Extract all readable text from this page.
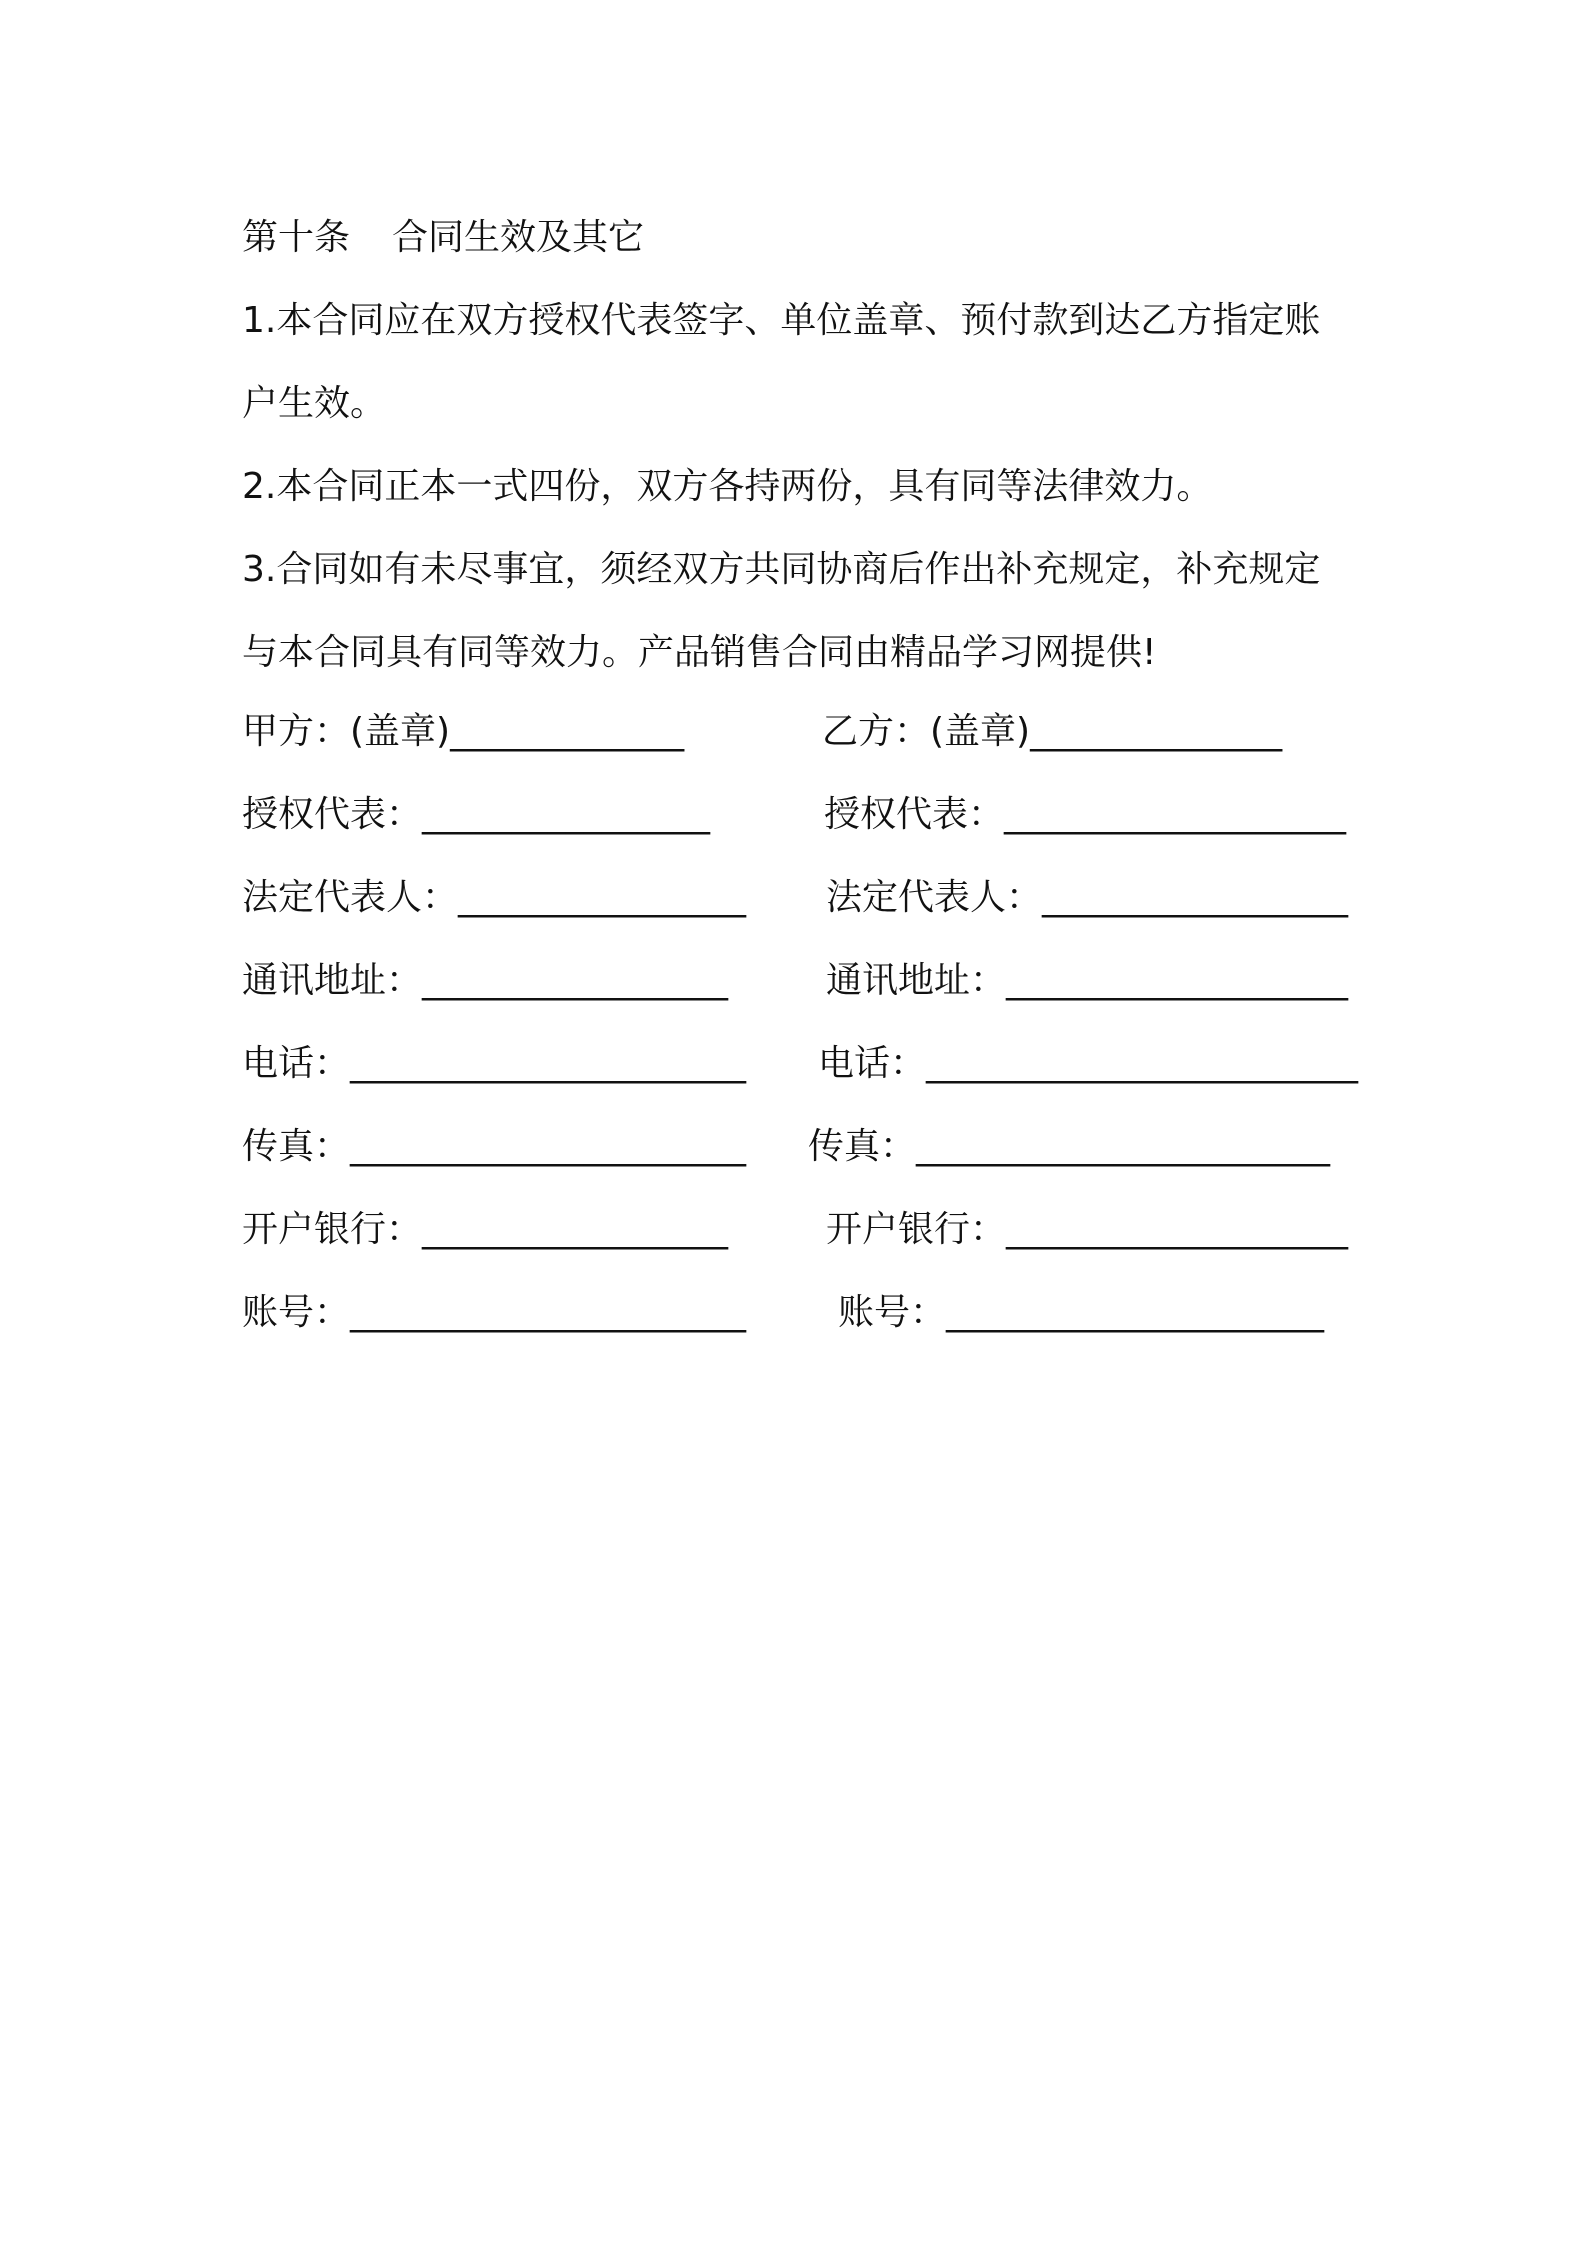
第十条 合同生效及其它
1.本合同应在双方授权代表签字、单位盖章、预付款到达乙方指定账
户生效。
2.本合同正本一式四份，双方各持两份，具有同等法律效力。
3.合同如有未尽事宜，须经双方共同协商后作出补充规定，补充规定
与本合同具有同等效力。产品销售合同由精品学习网提供!
甲方：(盖章)_____________	乙方：(盖章)______________
授权代表：________________	授权代表：___________________
法定代表人：________________ 法定代表人：_________________
通讯地址：_________________	通讯地址：___________________
电话：______________________ 电话：________________________
传真：______________________ 传真：_______________________
开户银行：_________________	开户银行：___________________
账号：______________________	账号：_____________________
